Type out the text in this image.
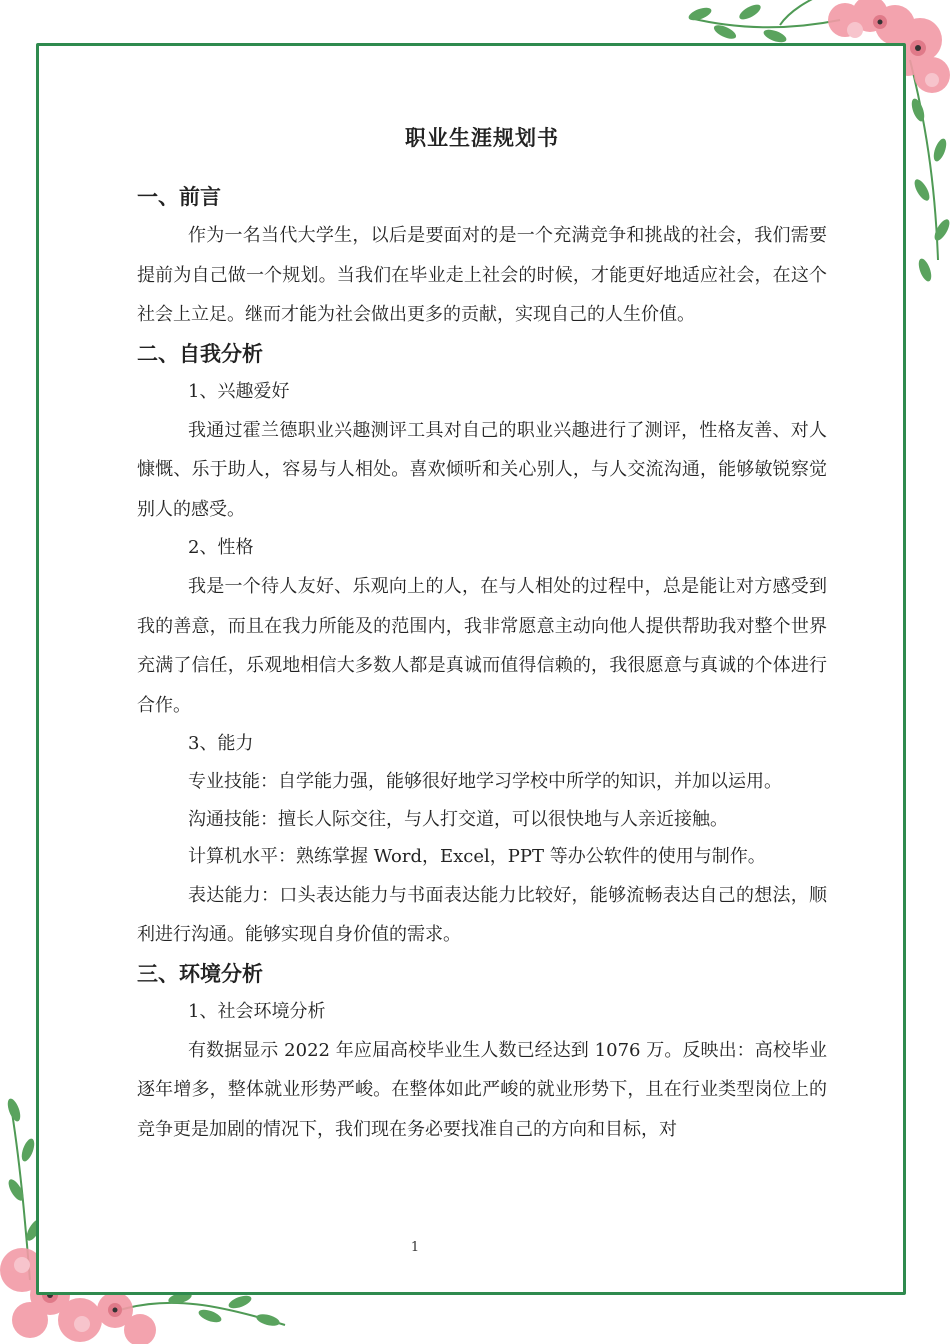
职业生涯规划书
一、前言

作为一名当代大学生，以后是要面对的是一个充满竞争和挑战的社会，我们需要提前为自己做一个规划。当我们在毕业走上社会的时候，才能更好地适应社会，在这个社会上立足。继而才能为社会做出更多的贡献，实现自己的人生价值。

二、自我分析
1、兴趣爱好

我通过霍兰德职业兴趣测评工具对自己的职业兴趣进行了测评，性格友善、对人慷慨、乐于助人，容易与人相处。喜欢倾听和关心别人，与人交流沟通，能够敏锐察觉别人的感受。

2、性格

我是一个待人友好、乐观向上的人，在与人相处的过程中，总是能让对方感受到我的善意，而且在我力所能及的范围内，我非常愿意主动向他人提供帮助我对整个世界充满了信任，乐观地相信大多数人都是真诚而值得信赖的，我很愿意与真诚的个体进行合作。

3、能力
专业技能：自学能力强，能够很好地学习学校中所学的知识，并加以运用。
沟通技能：擅长人际交往，与人打交道，可以很快地与人亲近接触。
计算机水平：熟练掌握 Word，Excel，PPT 等办公软件的使用与制作。

表达能力：口头表达能力与书面表达能力比较好，能够流畅表达自己的想法，顺利进行沟通。能够实现自身价值的需求。

三、环境分析
1、社会环境分析

有数据显示 2022 年应届高校毕业生人数已经达到 1076 万。反映出：高校毕业逐年增多，整体就业形势严峻。在整体如此严峻的就业形势下，且在行业类型岗位上的竞争更是加剧的情况下，我们现在务必要找准自己的方向和目标，对

1
